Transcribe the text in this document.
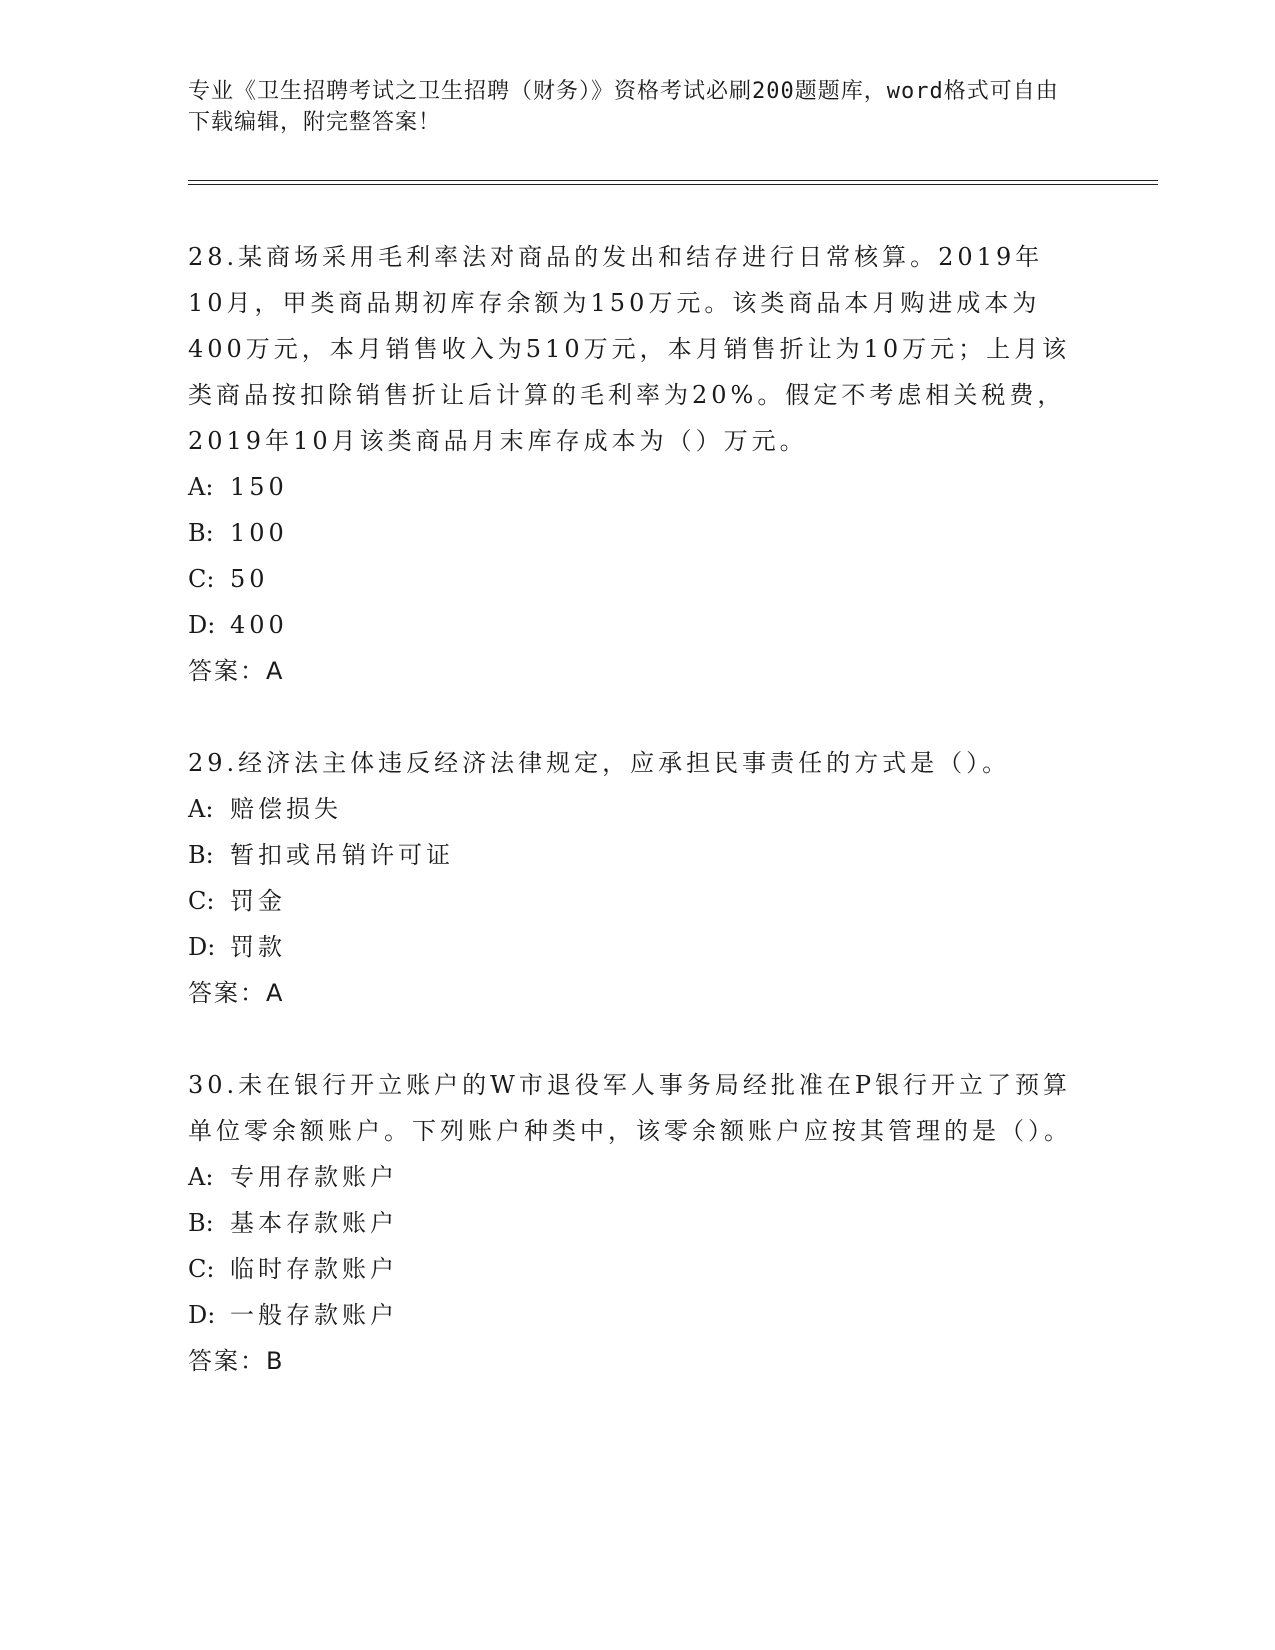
专业《卫生招聘考试之卫生招聘（财务）》资格考试必刷200题题库，word格式可自由下载编辑，附完整答案！

28.某商场采用毛利率法对商品的发出和结存进行日常核算。2019年10月，甲类商品期初库存余额为150万元。该类商品本月购进成本为400万元，本月销售收入为510万元，本月销售折让为10万元；上月该类商品按扣除销售折让后计算的毛利率为20%。假定不考虑相关税费，2019年10月该类商品月末库存成本为（）万元。

A: 150

B: 100

C: 50

D: 400

答案：A

29.经济法主体违反经济法律规定，应承担民事责任的方式是（）。

A: 赔偿损失

B: 暂扣或吊销许可证

C: 罚金

D: 罚款

答案：A

30.未在银行开立账户的W市退役军人事务局经批准在P银行开立了预算单位零余额账户。下列账户种类中，该零余额账户应按其管理的是（）。

A: 专用存款账户

B: 基本存款账户

C: 临时存款账户

D: 一般存款账户

答案：B
